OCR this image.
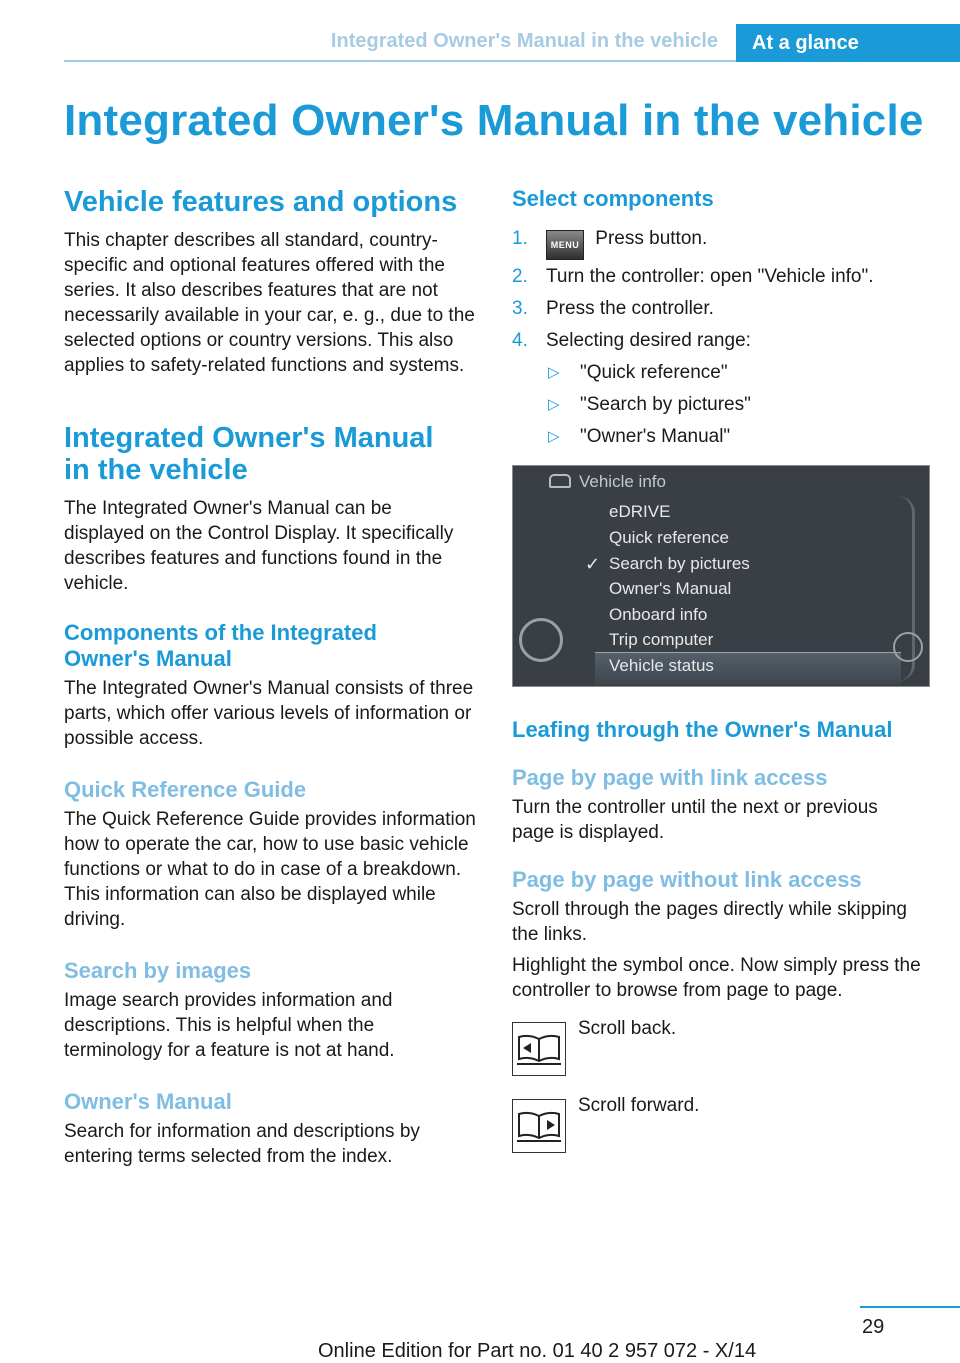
Integrated Owner's Manual in the vehicle	At a glance
Integrated Owner's Manual in the vehicle
Vehicle features and options

This chapter describes all standard, country-specific and optional features offered with the series. It also describes features that are not necessarily available in your car, e. g., due to the selected options or country versions. This also applies to safety-related functions and systems.

Integrated Owner's Manual in the vehicle

The Integrated Owner's Manual can be displayed on the Control Display. It specifically describes features and functions found in the vehicle.

Components of the Integrated Owner's Manual

The Integrated Owner's Manual consists of three parts, which offer various levels of information or possible access.

Quick Reference Guide

The Quick Reference Guide provides information how to operate the car, how to use basic vehicle functions or what to do in case of a breakdown. This information can also be displayed while driving.

Search by images

Image search provides information and descriptions. This is helpful when the terminology for a feature is not at hand.

Owner's Manual

Search for information and descriptions by entering terms selected from the index.

Select components
1.	MENU Press button.
2. Turn the controller: open "Vehicle info".
3. Press the controller.
4. Selecting desired range:
▷ "Quick reference"
▷ "Search by pictures"
▷ "Owner's Manual"
Vehicle info
✓
eDRIVE
Quick reference
Search by pictures
Owner's Manual
Onboard info
Trip computer
Vehicle status
Leafing through the Owner's Manual
Page by page with link access

Turn the controller until the next or previous page is displayed.

Page by page without link access

Scroll through the pages directly while skipping the links.

Highlight the symbol once. Now simply press the controller to browse from page to page.

Scroll back.

Scroll forward.

29
Online Edition for Part no. 01 40 2 957 072 - X/14
